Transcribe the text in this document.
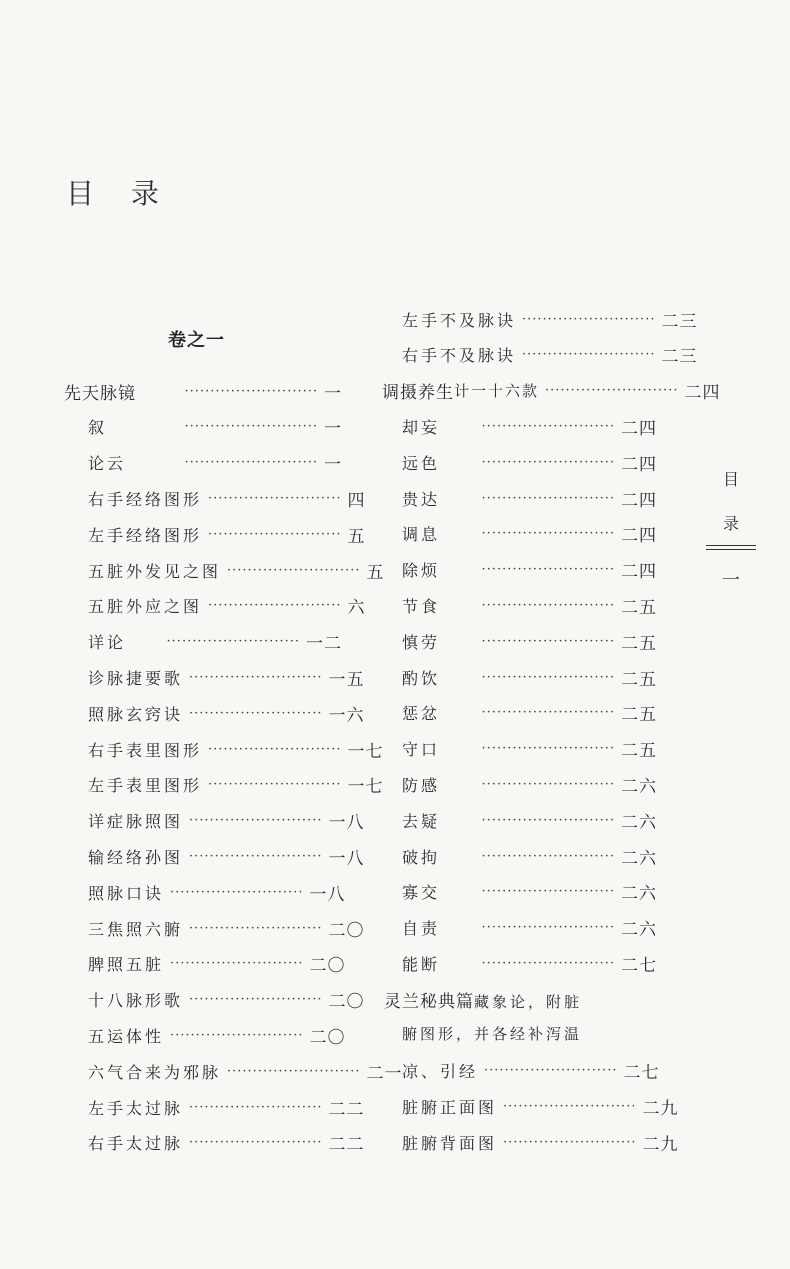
目 录
卷之一
先天脉镜	·························· 一
叙	·························· 一
论云	·························· 一
右手经络图形 ·························· 四
左手经络图形 ·························· 五
五脏外发见之图 ·························· 五
五脏外应之图 ·························· 六
详论	·························· 一二
诊脉捷要歌 ·························· 一五
照脉玄窍诀 ·························· 一六
右手表里图形 ·························· 一七
左手表里图形 ·························· 一七
详症脉照图 ·························· 一八
输经络孙图 ·························· 一八
照脉口诀 ·························· 一八
三焦照六腑 ·························· 二〇
脾照五脏 ·························· 二〇
十八脉形歌 ·························· 二〇
五运体性 ·························· 二〇
六气合来为邪脉 ·························· 二一
左手太过脉 ·························· 二二
右手太过脉 ·························· 二二
左手不及脉诀 ·························· 二三
右手不及脉诀 ·························· 二三
调摄养生 计一十六款 ·························· 二四
却妄	·························· 二四
远色	·························· 二四
贵达	·························· 二四
调息	·························· 二四
除烦	·························· 二四
节食	·························· 二五
慎劳	·························· 二五
酌饮	·························· 二五
惩忿	·························· 二五
守口	·························· 二五
防感	·························· 二六
去疑	·························· 二六
破拘	·························· 二六
寡交	·························· 二六
自责	·························· 二六
能断	·························· 二七
灵兰秘典篇藏象论，附脏
腑图形，并各经补泻温
凉、引经 ·························· 二七
脏腑正面图 ·························· 二九
脏腑背面图 ·························· 二九
目
录
一
